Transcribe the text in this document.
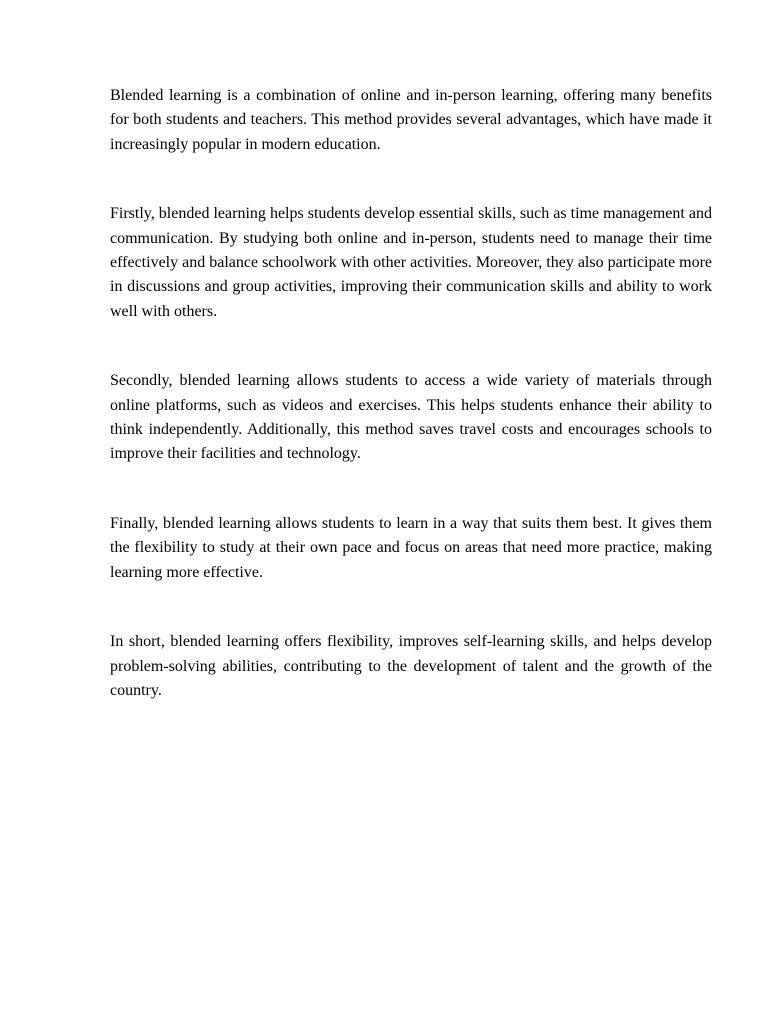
Blended learning is a combination of online and in-person learning, offering many benefits for both students and teachers. This method provides several advantages, which have made it increasingly popular in modern education.

Firstly, blended learning helps students develop essential skills, such as time management and communication. By studying both online and in-person, students need to manage their time effectively and balance schoolwork with other activities. Moreover, they also participate more in discussions and group activities, improving their communication skills and ability to work well with others.

Secondly, blended learning allows students to access a wide variety of materials through online platforms, such as videos and exercises. This helps students enhance their ability to think independently. Additionally, this method saves travel costs and encourages schools to improve their facilities and technology.

Finally, blended learning allows students to learn in a way that suits them best. It gives them the flexibility to study at their own pace and focus on areas that need more practice, making learning more effective.

In short, blended learning offers flexibility, improves self-learning skills, and helps develop problem-solving abilities, contributing to the development of talent and the growth of the country.
